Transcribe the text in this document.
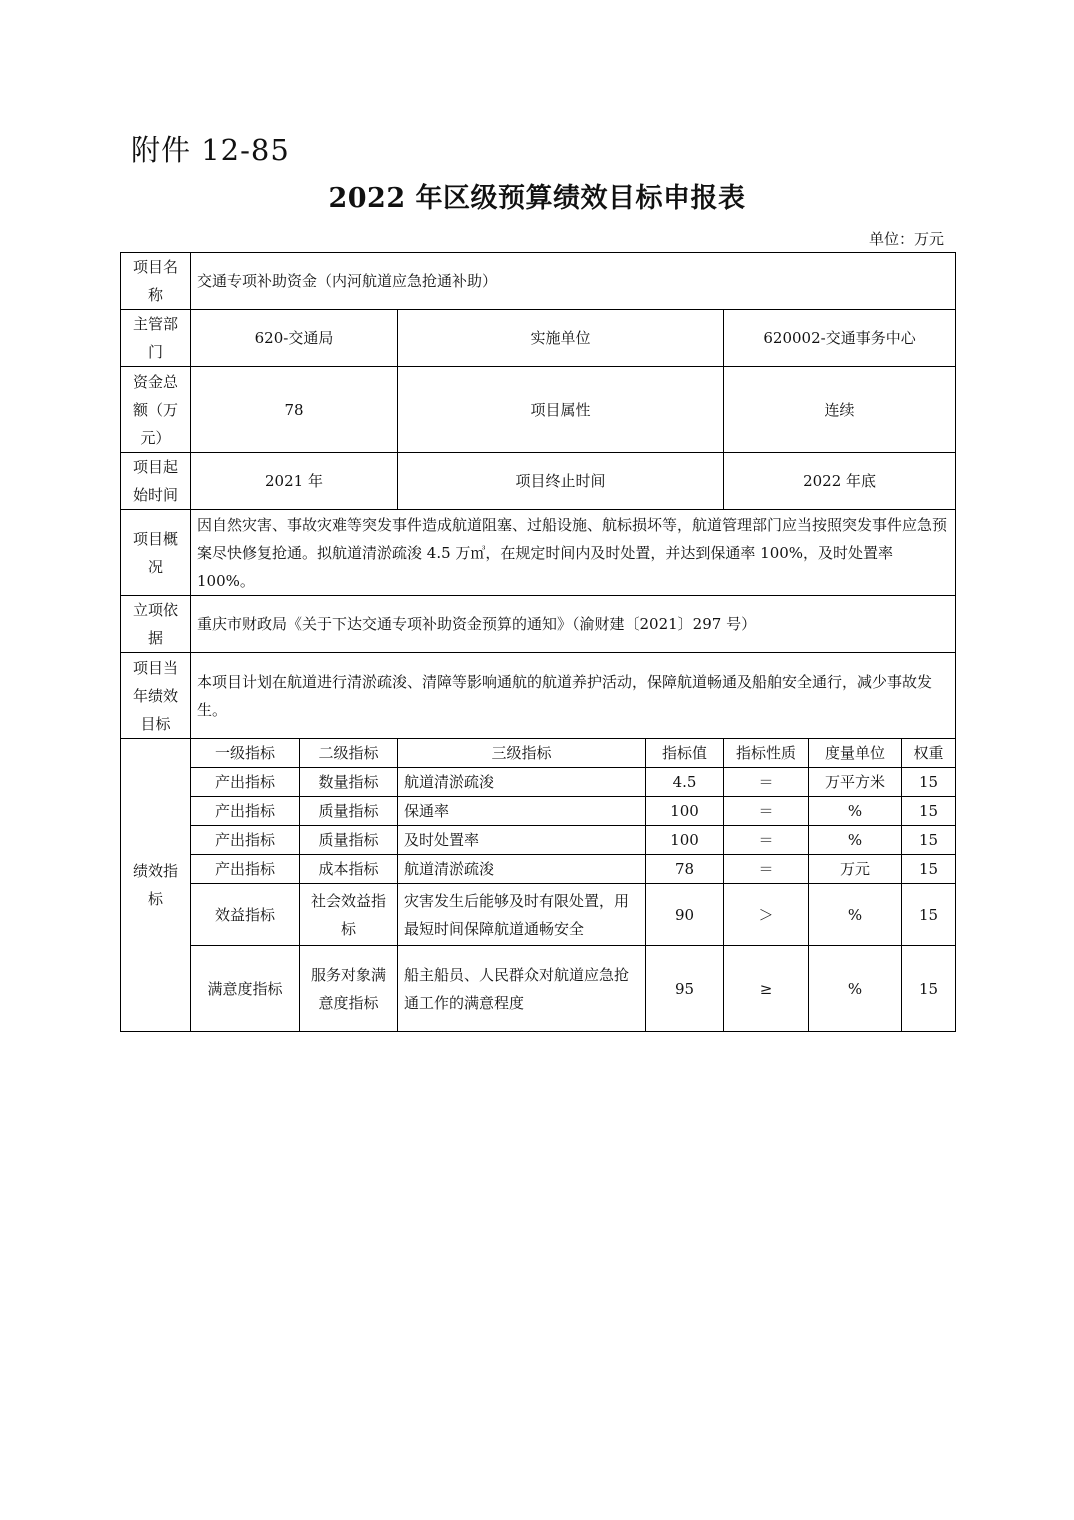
附件 12-85
2022 年区级预算绩效目标申报表
单位：万元
项目名称	交通专项补助资金（内河航道应急抢通补助）						
主管部门	620-交通局		实施单位		620002-交通事务中心		
资金总额（万元）	78		项目属性		连续		
项目起始时间	2021 年		项目终止时间		2022 年底		
项目概况	因自然灾害、事故灾难等突发事件造成航道阻塞、过船设施、航标损坏等，航道管理部门应当按照突发事件应急预案尽快修复抢通。拟航道清淤疏浚 4.5 万㎥，在规定时间内及时处置，并达到保通率 100%，及时处置率 100%。						
立项依据	重庆市财政局《关于下达交通专项补助资金预算的通知》（渝财建〔2021〕297 号）						
项目当年绩效目标	本项目计划在航道进行清淤疏浚、清障等影响通航的航道养护活动，保障航道畅通及船舶安全通行，减少事故发生。						
绩效指标	一级指标	二级指标	三级指标	指标值	指标性质	度量单位	权重
	产出指标	数量指标	航道清淤疏浚	4.5	＝	万平方米	15
	产出指标	质量指标	保通率	100	＝	%	15
	产出指标	质量指标	及时处置率	100	＝	%	15
	产出指标	成本指标	航道清淤疏浚	78	＝	万元	15
	效益指标	社会效益指标	灾害发生后能够及时有限处置，用最短时间保障航道通畅安全	90	＞	%	15
	满意度指标	服务对象满意度指标	船主船员、人民群众对航道应急抢通工作的满意程度	95	≥	%	15
